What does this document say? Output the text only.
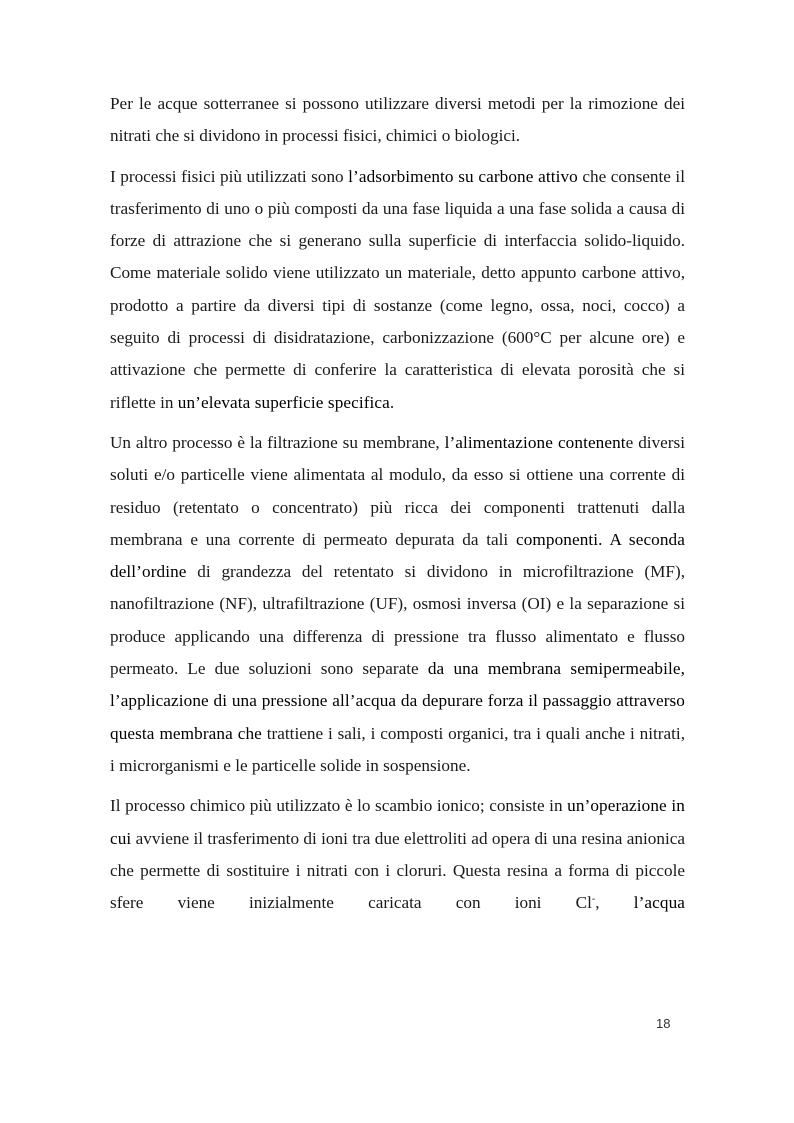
Per le acque sotterranee si possono utilizzare diversi metodi per la rimozione dei nitrati che si dividono in processi fisici, chimici o biologici.

I processi fisici più utilizzati sono l’adsorbimento su carbone attivo che consente il trasferimento di uno o più composti da una fase liquida a una fase solida a causa di forze di attrazione che si generano sulla superficie di interfaccia solido-liquido. Come materiale solido viene utilizzato un materiale, detto appunto carbone attivo, prodotto a partire da diversi tipi di sostanze (come legno, ossa, noci, cocco) a seguito di processi di disidratazione, carbonizzazione (600°C per alcune ore) e attivazione che permette di conferire la caratteristica di elevata porosità che si riflette in un’elevata superficie specifica.

Un altro processo è la filtrazione su membrane, l’alimentazione contenente diversi soluti e/o particelle viene alimentata al modulo, da esso si ottiene una corrente di residuo (retentato o concentrato) più ricca dei componenti trattenuti dalla membrana e una corrente di permeato depurata da tali componenti. A seconda dell’ordine di grandezza del retentato si dividono in microfiltrazione (MF), nanofiltrazione (NF), ultrafiltrazione (UF), osmosi inversa (OI) e la separazione si produce applicando una differenza di pressione tra flusso alimentato e flusso permeato. Le due soluzioni sono separate da una membrana semipermeabile, l’applicazione di una pressione all’acqua da depurare forza il passaggio attraverso questa membrana che trattiene i sali, i composti organici, tra i quali anche i nitrati, i microrganismi e le particelle solide in sospensione.

Il processo chimico più utilizzato è lo scambio ionico; consiste in un’operazione in cui avviene il trasferimento di ioni tra due elettroliti ad opera di una resina anionica che permette di sostituire i nitrati con i cloruri. Questa resina a forma di piccole sfere viene inizialmente caricata con ioni Cl-, l’acqua

18
